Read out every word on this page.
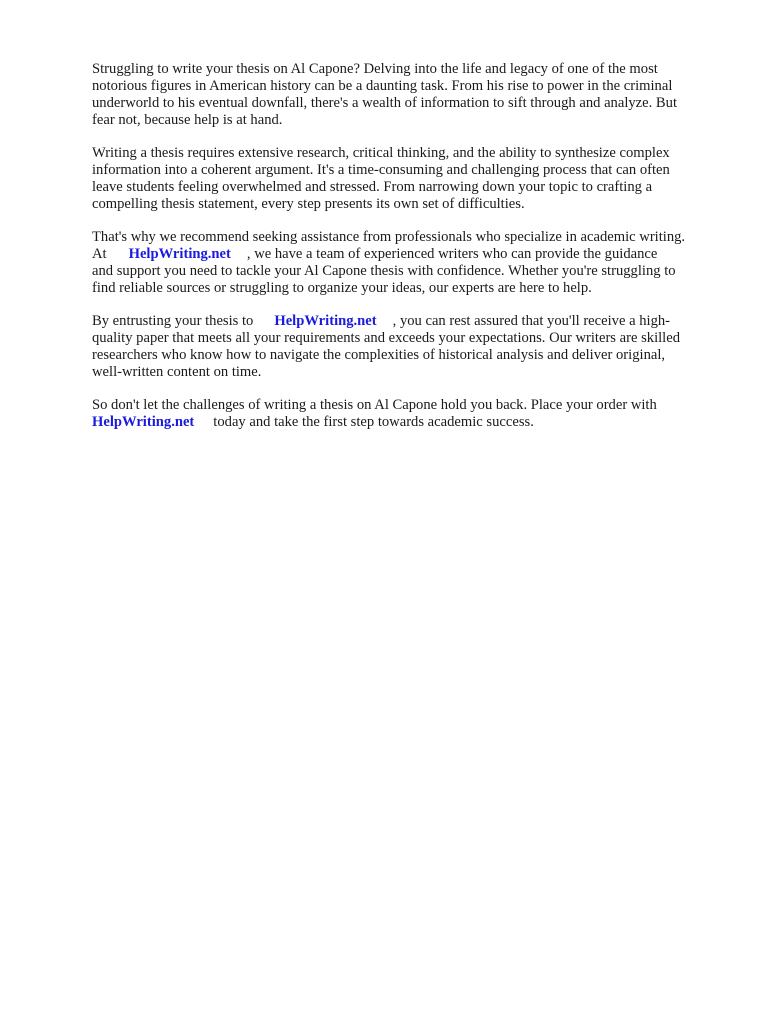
Struggling to write your thesis on Al Capone? Delving into the life and legacy of one of the most
notorious figures in American history can be a daunting task. From his rise to power in the criminal
underworld to his eventual downfall, there's a wealth of information to sift through and analyze. But
fear not, because help is at hand.

Writing a thesis requires extensive research, critical thinking, and the ability to synthesize complex
information into a coherent argument. It's a time-consuming and challenging process that can often
leave students feeling overwhelmed and stressed. From narrowing down your topic to crafting a
compelling thesis statement, every step presents its own set of difficulties.

That's why we recommend seeking assistance from professionals who specialize in academic writing.
At HelpWriting.net , we have a team of experienced writers who can provide the guidance
and support you need to tackle your Al Capone thesis with confidence. Whether you're struggling to
find reliable sources or struggling to organize your ideas, our experts are here to help.

By entrusting your thesis to HelpWriting.net , you can rest assured that you'll receive a high-
quality paper that meets all your requirements and exceeds your expectations. Our writers are skilled
researchers who know how to navigate the complexities of historical analysis and deliver original,
well-written content on time.

So don't let the challenges of writing a thesis on Al Capone hold you back. Place your order with
HelpWriting.net today and take the first step towards academic success.
